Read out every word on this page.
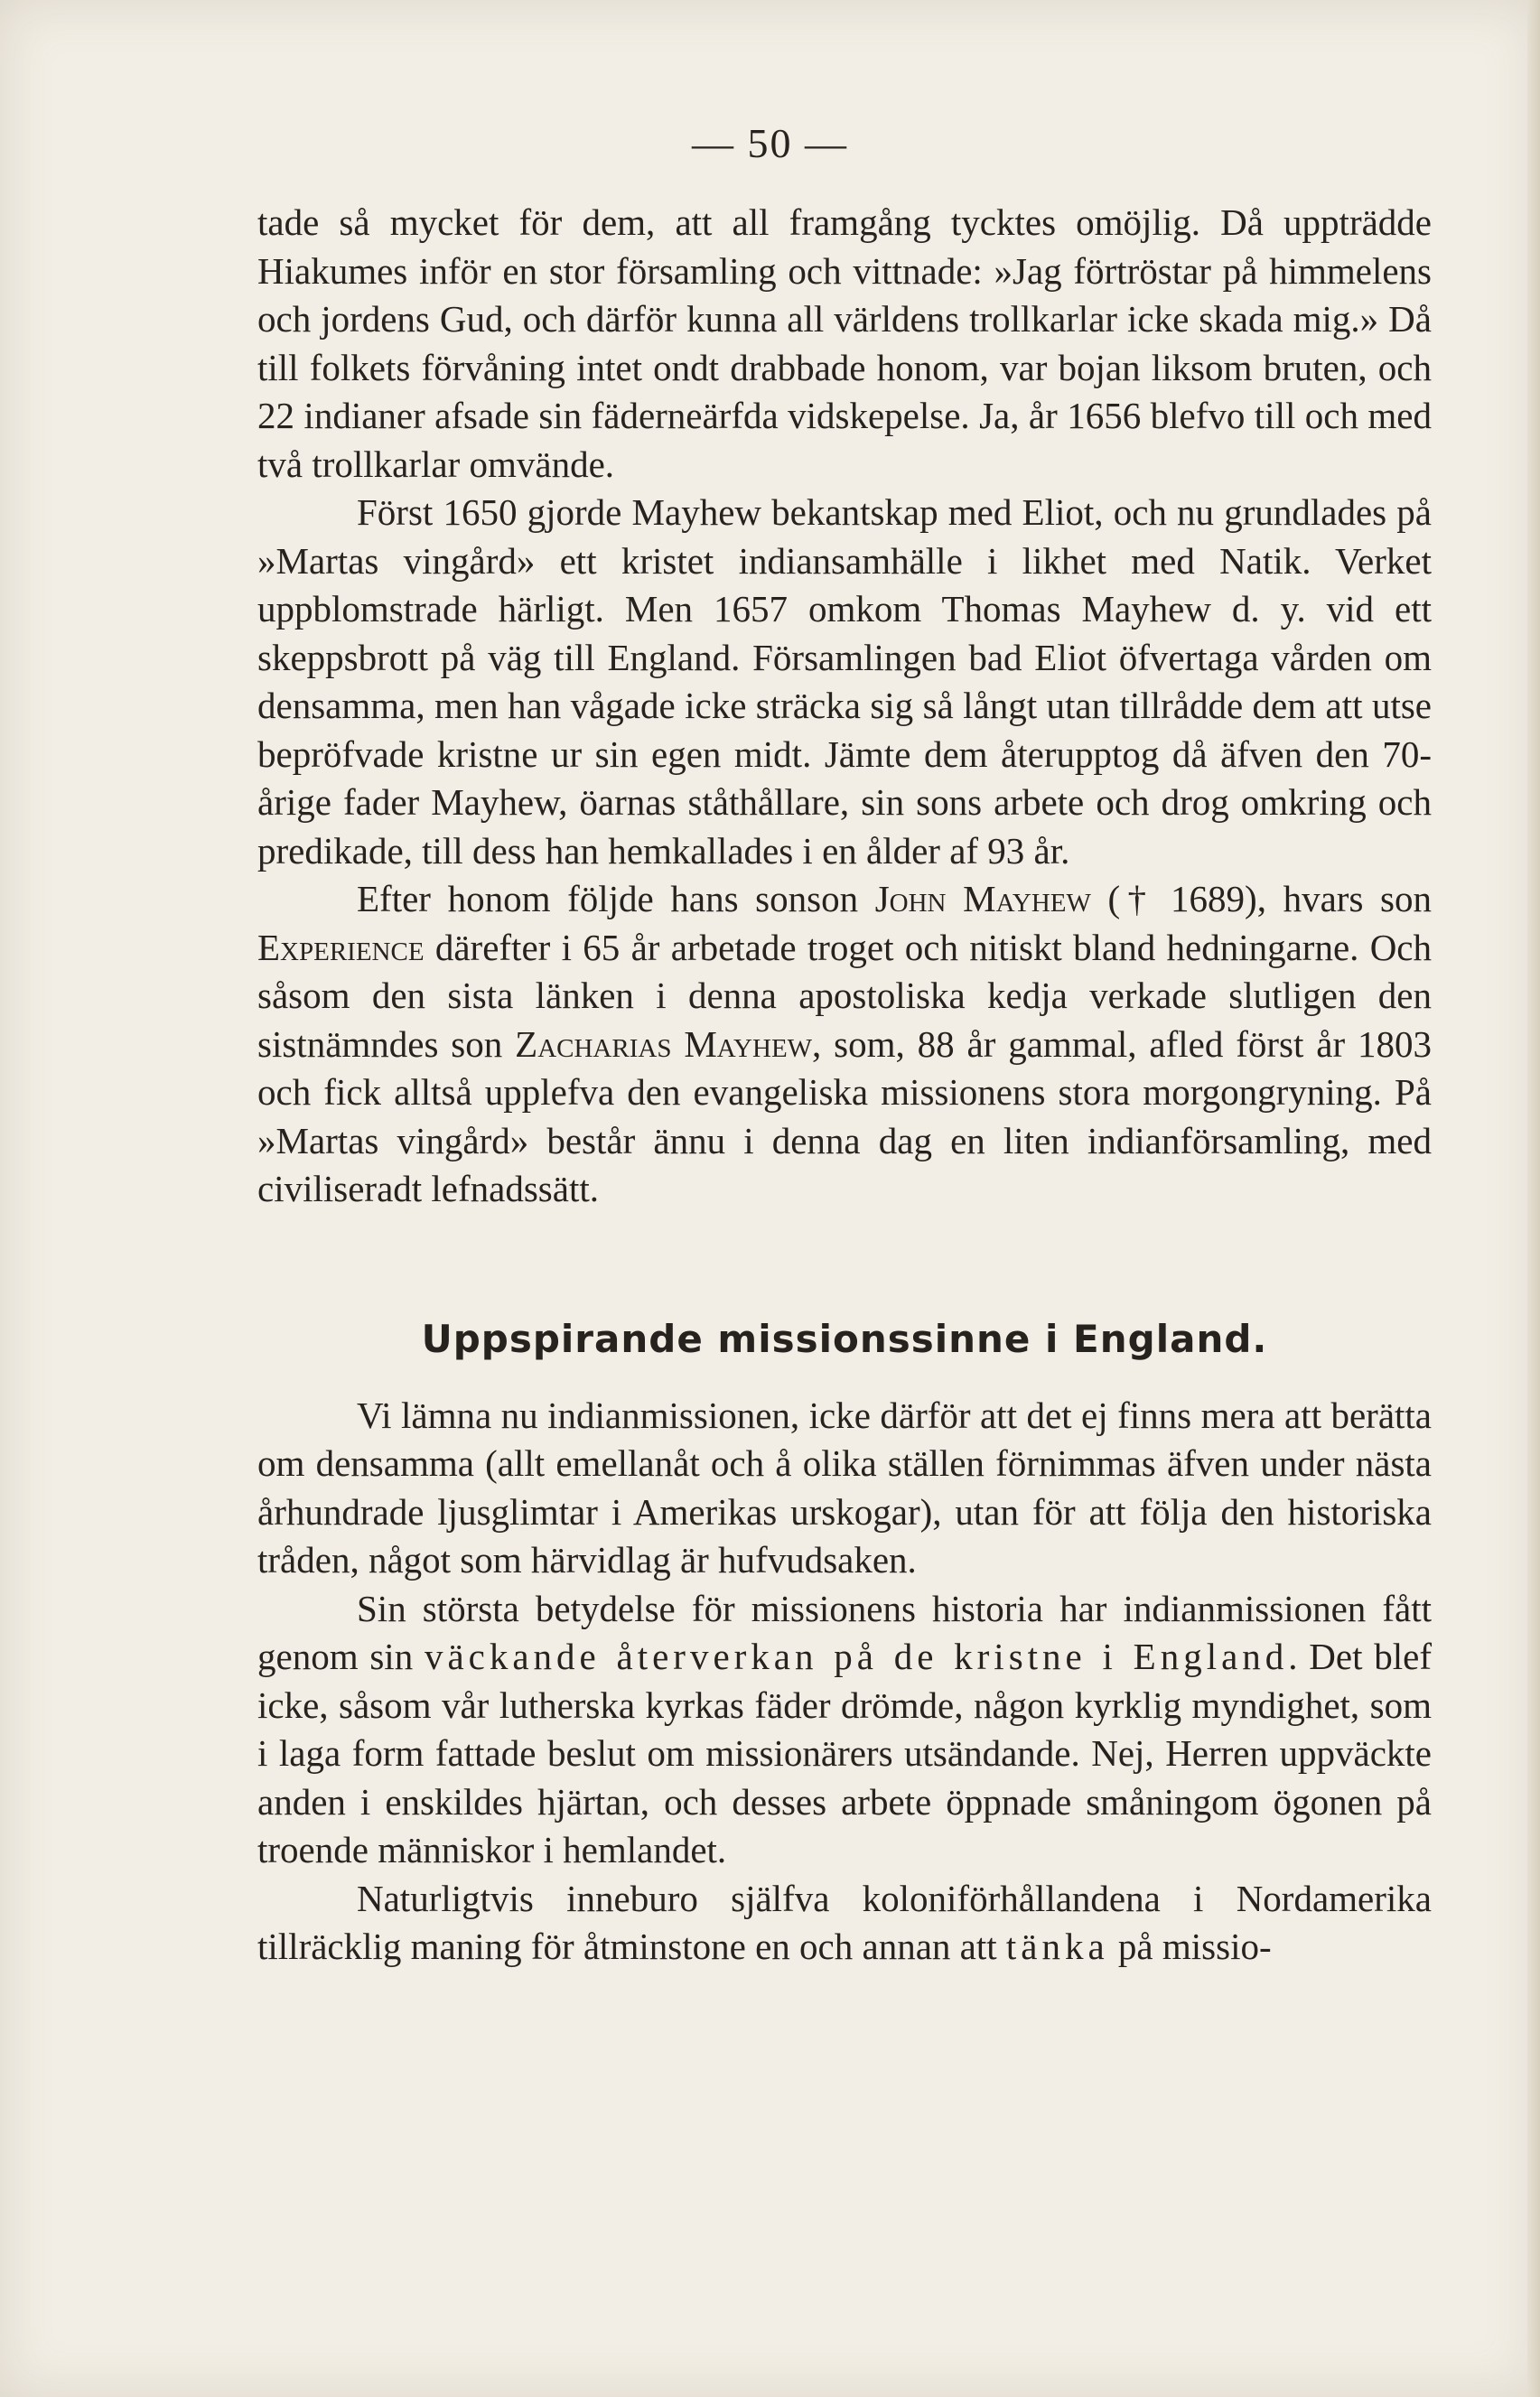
— 50 —

tade så mycket för dem, att all framgång tycktes omöjlig. Då uppträdde Hiakumes inför en stor församling och vittnade: »Jag förtröstar på himmelens och jordens Gud, och därför kunna all världens trollkarlar icke skada mig.» Då till folkets förvåning intet ondt drabbade honom, var bojan liksom bruten, och 22 indianer afsade sin fädernеärfda vidskepelse. Ja, år 1656 blefvo till och med två trollkarlar omvände.

Först 1650 gjorde Mayhew bekantskap med Eliot, och nu grundlades på »Martas vingård» ett kristet indiansamhälle i likhet med Natik. Verket uppblomstrade härligt. Men 1657 omkom Thomas Mayhew d. y. vid ett skeppsbrott på väg till England. Församlingen bad Eliot öfvertaga vården om densamma, men han vågade icke sträcka sig så långt utan tillrådde dem att utse bepröfvade kristne ur sin egen midt. Jämte dem återupptog då äfven den 70-årige fader Mayhew, öarnas ståthållare, sin sons arbete och drog omkring och predikade, till dess han hemkallades i en ålder af 93 år.

Efter honom följde hans sonson John Mayhew († 1689), hvars son Experience därefter i 65 år arbetade troget och nitiskt bland hedningarne. Och såsom den sista länken i denna apostoliska kedja verkade slutligen den sistnämndes son Zacharias Mayhew, som, 88 år gammal, afled först år 1803 och fick alltså upplefva den evangeliska missionens stora morgongryning. På »Martas vingård» består ännu i denna dag en liten indianförsamling, med civiliseradt lefnadssätt.

Uppspirande missionssinne i England.

Vi lämna nu indianmissionen, icke därför att det ej finns mera att berätta om densamma (allt emellanåt och å olika ställen förnimmas äfven under nästa århundrade ljusglimtar i Amerikas urskogar), utan för att följa den historiska tråden, något som härvidlag är hufvudsaken.

Sin största betydelse för missionens historia har indianmissionen fått genom sin väckande återverkan på de kristne i England. Det blef icke, såsom vår lutherska kyrkas fäder drömde, någon kyrklig myndighet, som i laga form fattade beslut om missionärers utsändande. Nej, Herren uppväckte anden i enskildes hjärtan, och desses arbete öppnade småningom ögonen på troende människor i hemlandet.

Naturligtvis inneburo själfva koloniförhållandena i Nordamerika tillräcklig maning för åtminstone en och annan att tänka på missio-
